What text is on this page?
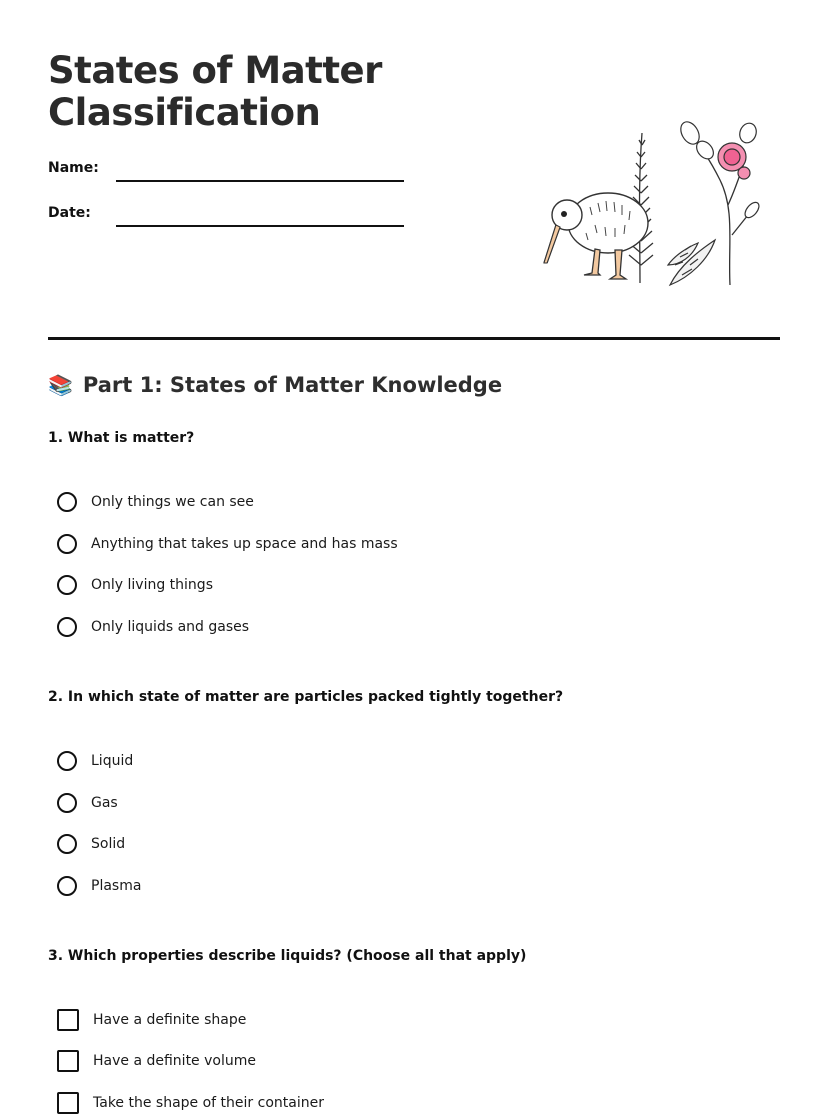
States of Matter Classification
Name:
Date:
📚 Part 1: States of Matter Knowledge
1. What is matter?
Only things we can see
Anything that takes up space and has mass
Only living things
Only liquids and gases
2. In which state of matter are particles packed tightly together?
Liquid
Gas
Solid
Plasma
3. Which properties describe liquids? (Choose all that apply)
Have a definite shape
Have a definite volume
Take the shape of their container
